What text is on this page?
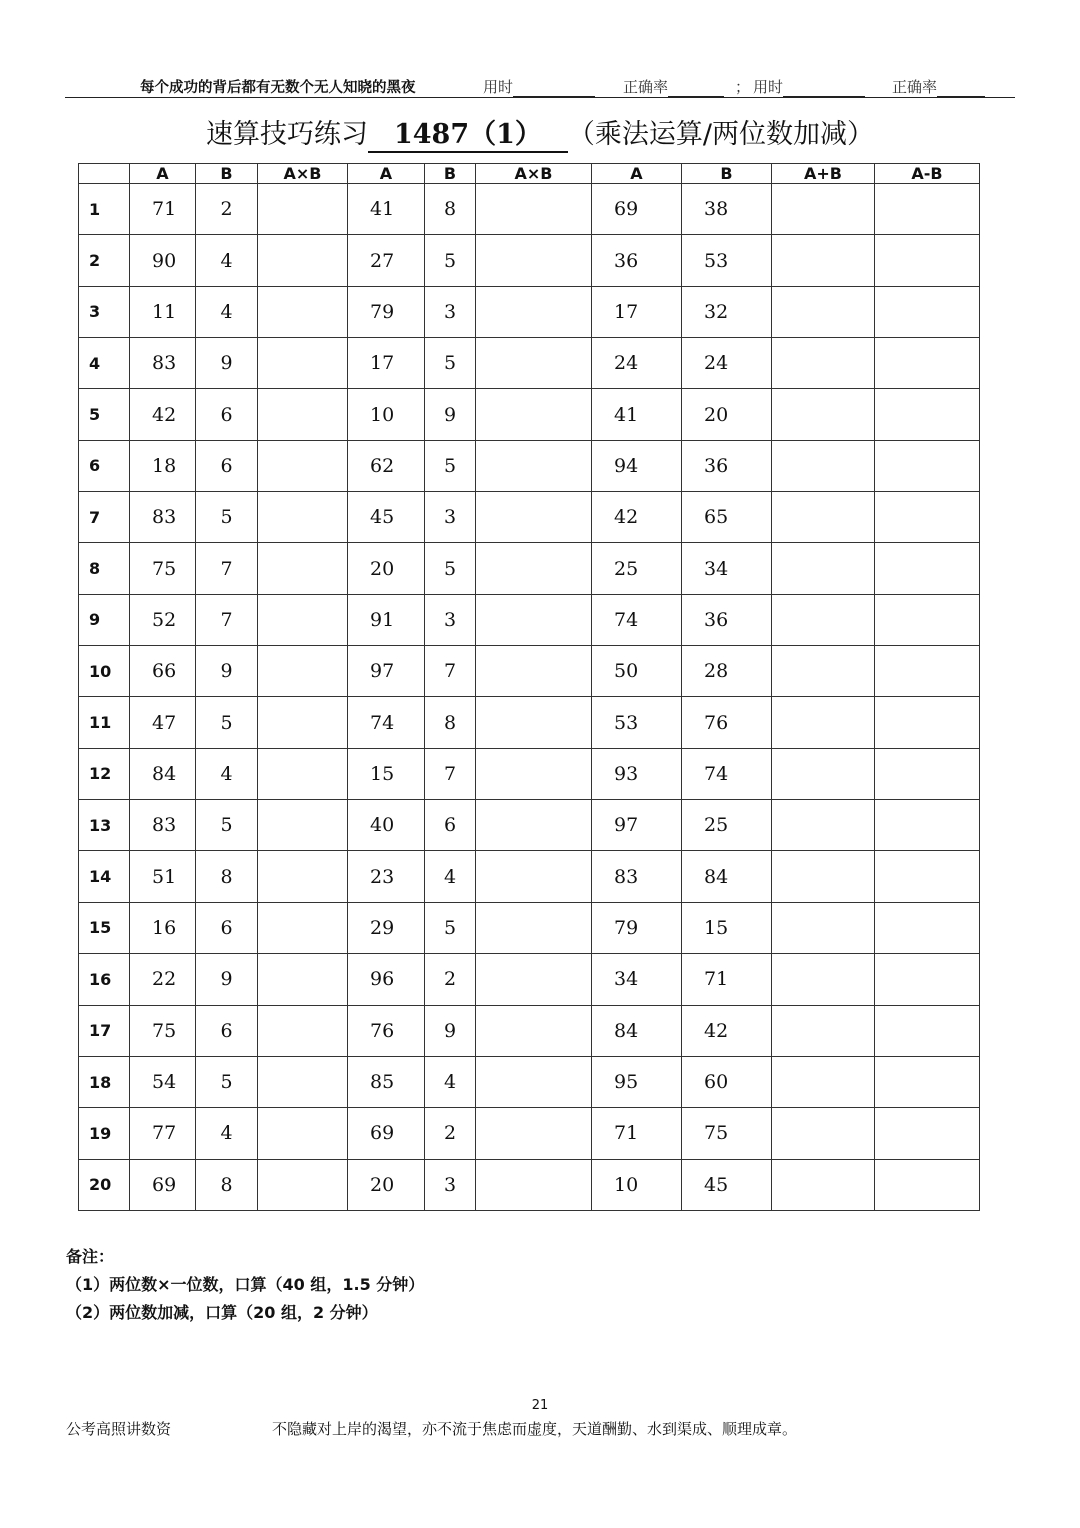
每个成功的背后都有无数个无人知晓的黑夜	用时	正确率	； 用时	正确率
速算技巧练习 1487（1） （乘法运算/两位数加减）
	A	B	A×B	A	B	A×B	A	B	A+B	A-B
1	71	2		41	8		69	38		
2	90	4		27	5		36	53		
3	11	4		79	3		17	32		
4	83	9		17	5		24	24		
5	42	6		10	9		41	20		
6	18	6		62	5		94	36		
7	83	5		45	3		42	65		
8	75	7		20	5		25	34		
9	52	7		91	3		74	36		
10	66	9		97	7		50	28		
11	47	5		74	8		53	76		
12	84	4		15	7		93	74		
13	83	5		40	6		97	25		
14	51	8		23	4		83	84		
15	16	6		29	5		79	15		
16	22	9		96	2		34	71		
17	75	6		76	9		84	42		
18	54	5		85	4		95	60		
19	77	4		69	2		71	75		
20	69	8		20	3		10	45		
备注：
（1）两位数×一位数，口算（40 组，1.5 分钟）
（2）两位数加减，口算（20 组，2 分钟）
21
公考高照讲数资	不隐藏对上岸的渴望，亦不流于焦虑而虚度，天道酬勤、水到渠成、顺理成章。
